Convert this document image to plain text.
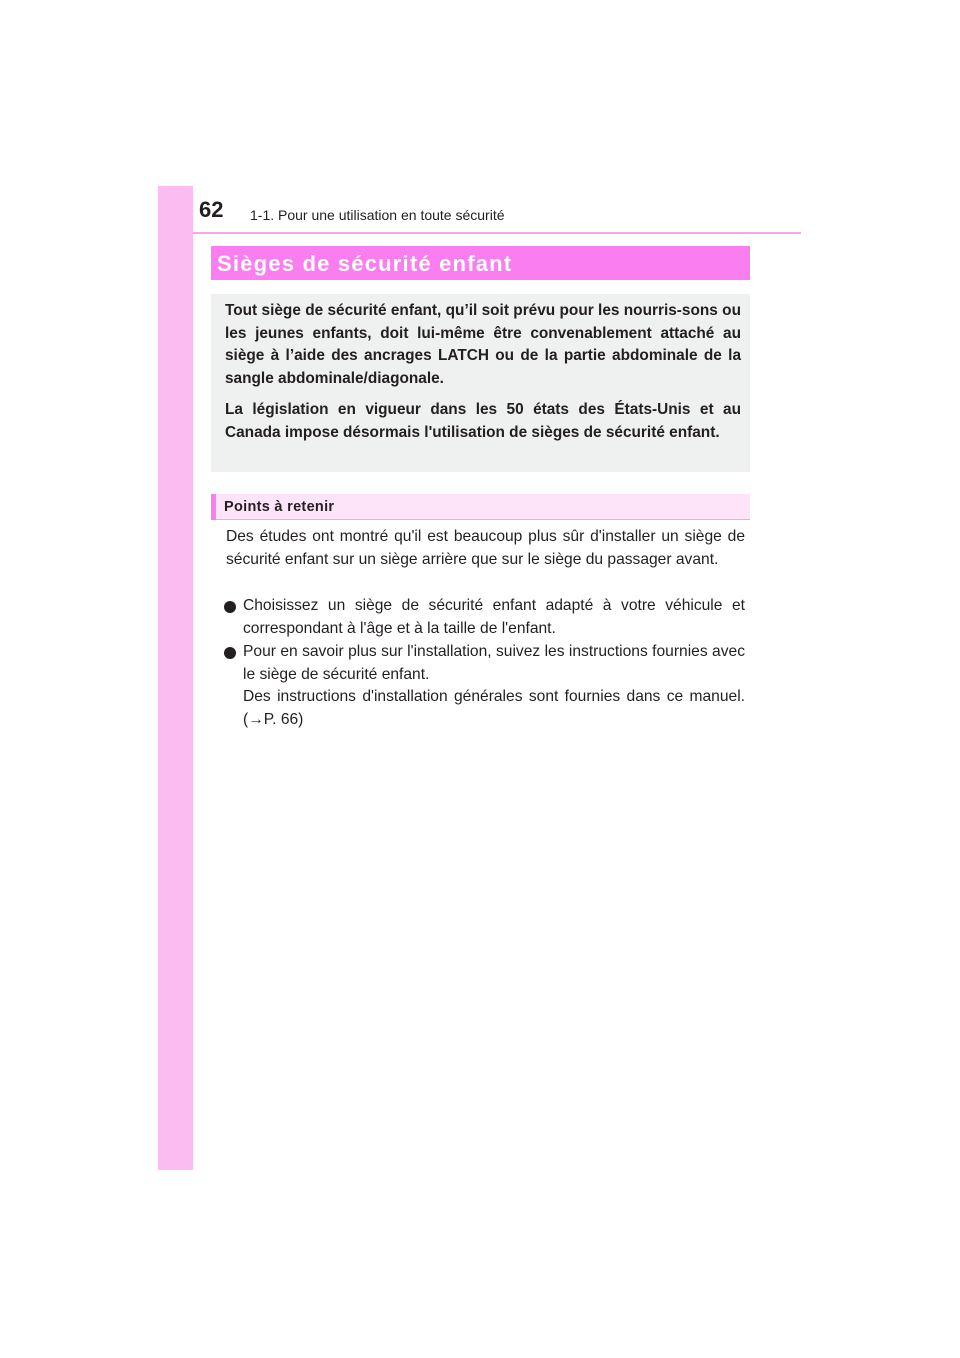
62 1-1. Pour une utilisation en toute sécurité
Sièges de sécurité enfant

Tout siège de sécurité enfant, qu’il soit prévu pour les nourris-sons ou les jeunes enfants, doit lui-même être convenablement attaché au siège à l’aide des ancrages LATCH ou de la partie abdominale de la sangle abdominale/diagonale.

La législation en vigueur dans les 50 états des États-Unis et au Canada impose désormais l'utilisation de sièges de sécurité enfant.

Points à retenir

Des études ont montré qu'il est beaucoup plus sûr d'installer un siège de sécurité enfant sur un siège arrière que sur le siège du passager avant.

Choisissez un siège de sécurité enfant adapté à votre véhicule et correspondant à l'âge et à la taille de l'enfant.
Pour en savoir plus sur l'installation, suivez les instructions fournies avec le siège de sécurité enfant.
Des instructions d'installation générales sont fournies dans ce manuel. (→P. 66)
